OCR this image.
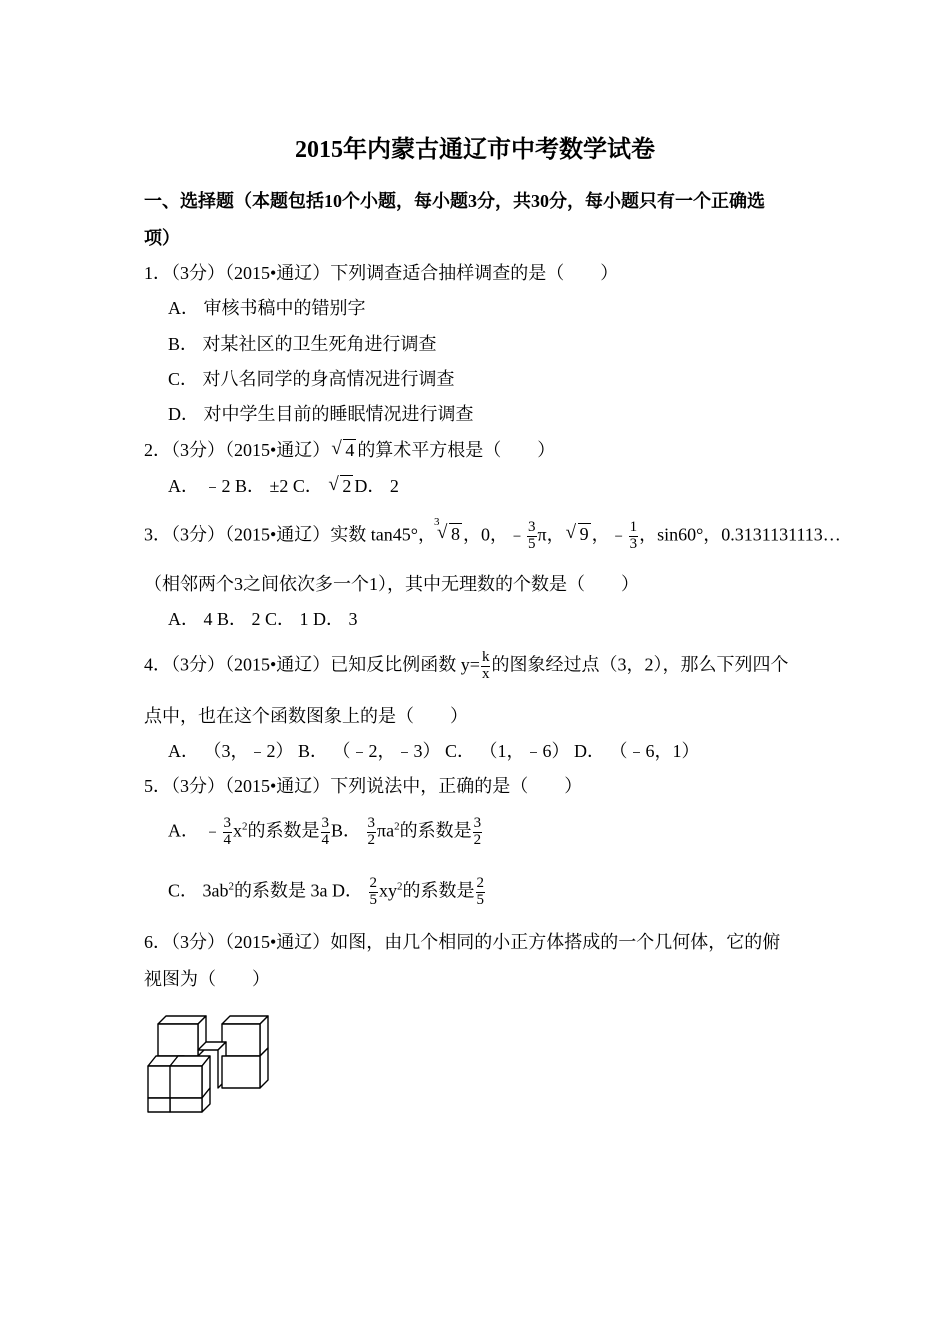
2015年内蒙古通辽市中考数学试卷
一、选择题（本题包括10个小题，每小题3分，共30分，每小题只有一个正确选
项）
1．（3分）（2015•通辽）下列调查适合抽样调查的是（　　）
A． 审核书稿中的错别字
B． 对某社区的卫生死角进行调查
C． 对八名同学的身高情况进行调查
D． 对中学生目前的睡眠情况进行调查
2．（3分）（2015•通辽） √ 4 的算术平方根是（　　）
A． ﹣2 B． ±2 C． √ 2 D． 2
3．（3分）（2015•通辽）实数 tan45°，
3
√ 8 ，0，﹣ $\frac{3}{5}$ π， √ 9 ，﹣ $\frac{1}{3}$ ，sin60°，0.3131131113…
（相邻两个3之间依次多一个1），其中无理数的个数是（　　）
A． 4 B． 2 C． 1 D． 3
4．（3分）（2015•通辽）已知反比例函数 $y= \frac{k}{x}$ 的图象经过点（3，2），那么下列四个
点中，也在这个函数图象上的是（　　）
A． （3，﹣2） B． （﹣2，﹣3） C． （1，﹣6） D． （﹣6，1）
5．（3分）（2015•通辽）下列说法中，正确的是（　　）
A． ﹣ $\frac{3}{4} x^2$的系数是 $\frac{3}{4}$ B． $\frac{3}{2} \pi a^2$的系数是 $\frac{3}{2}$
C． $3ab^2$的系数是 3a D． $\frac{2}{5} xy^2$的系数是 $\frac{2}{5}$
6．（3分）（2015•通辽）如图，由几个相同的小正方体搭成的一个几何体，它的俯
视图为（　　）
